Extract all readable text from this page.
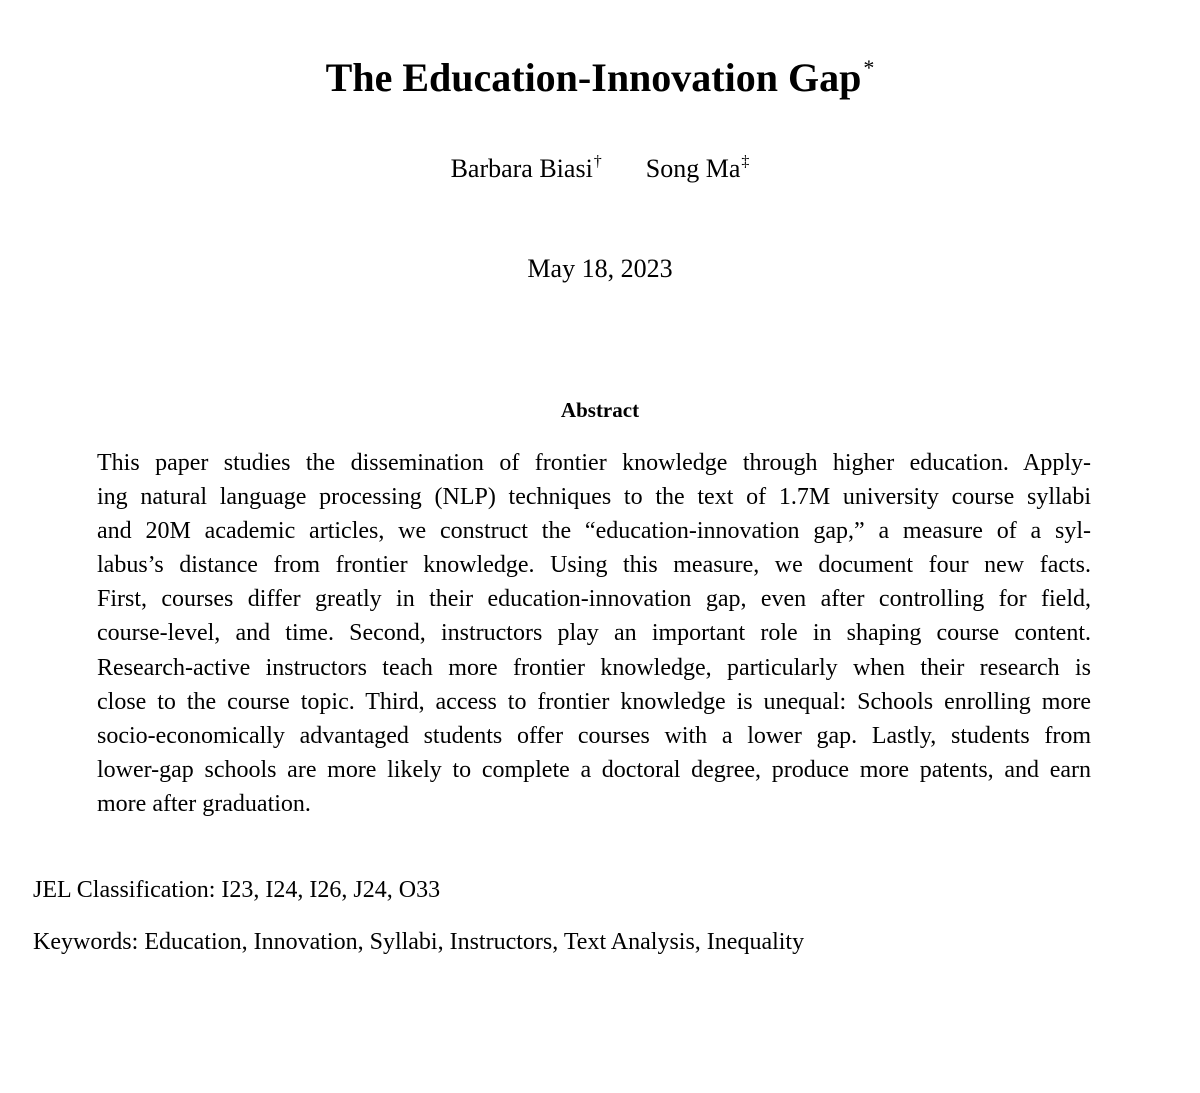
The Education-Innovation Gap*
Barbara Biasi† Song Ma‡
May 18, 2023
Abstract
This paper studies the dissemination of frontier knowledge through higher education. Apply-
ing natural language processing (NLP) techniques to the text of 1.7M university course syllabi
and 20M academic articles, we construct the “education-innovation gap,” a measure of a syl-
labus’s distance from frontier knowledge. Using this measure, we document four new facts.
First, courses differ greatly in their education-innovation gap, even after controlling for field,
course-level, and time. Second, instructors play an important role in shaping course content.
Research-active instructors teach more frontier knowledge, particularly when their research is
close to the course topic. Third, access to frontier knowledge is unequal: Schools enrolling more
socio-economically advantaged students offer courses with a lower gap. Lastly, students from
lower-gap schools are more likely to complete a doctoral degree, produce more patents, and earn
more after graduation.
JEL Classification: I23, I24, I26, J24, O33
Keywords: Education, Innovation, Syllabi, Instructors, Text Analysis, Inequality
